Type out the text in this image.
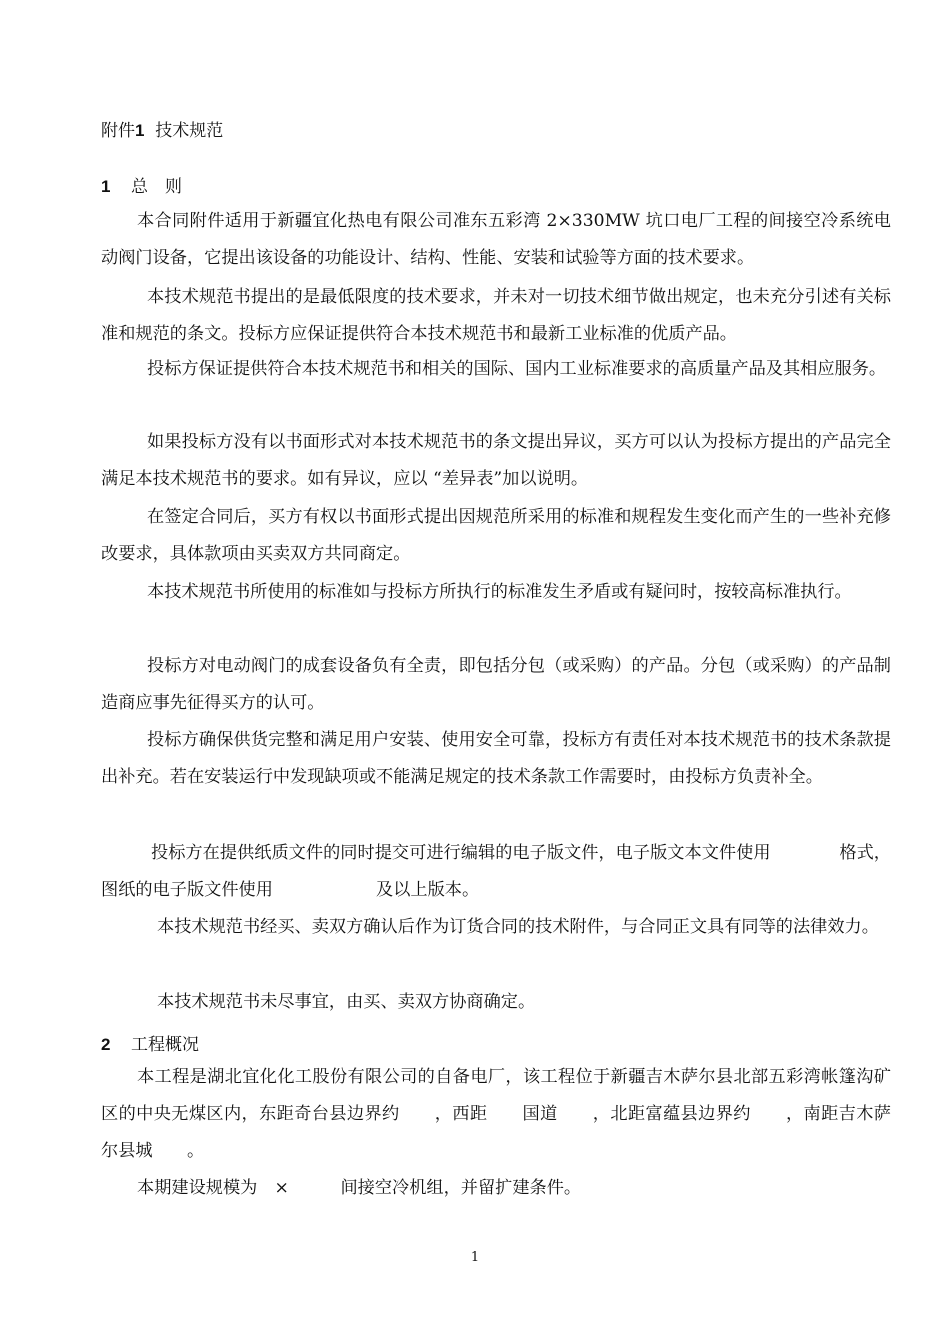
附件1 技术规范
1 总　则
本合同附件适用于新疆宜化热电有限公司准东五彩湾 2×330MW 坑口电厂工程的间接空冷系统电动阀门设备，它提出该设备的功能设计、结构、性能、安装和试验等方面的技术要求。
本技术规范书提出的是最低限度的技术要求，并未对一切技术细节做出规定，也未充分引述有关标准和规范的条文。投标方应保证提供符合本技术规范书和最新工业标准的优质产品。
投标方保证提供符合本技术规范书和相关的国际、国内工业标准要求的高质量产品及其相应服务。
如果投标方没有以书面形式对本技术规范书的条文提出异议，买方可以认为投标方提出的产品完全满足本技术规范书的要求。如有异议，应以 “差异表”加以说明。
在签定合同后，买方有权以书面形式提出因规范所采用的标准和规程发生变化而产生的一些补充修改要求，具体款项由买卖双方共同商定。
本技术规范书所使用的标准如与投标方所执行的标准发生矛盾或有疑问时，按较高标准执行。
投标方对电动阀门的成套设备负有全责，即包括分包（或采购）的产品。分包（或采购）的产品制造商应事先征得买方的认可。
投标方确保供货完整和满足用户安装、使用安全可靠，投标方有责任对本技术规范书的技术条款提出补充。若在安装运行中发现缺项或不能满足规定的技术条款工作需要时，由投标方负责补全。
投标方在提供纸质文件的同时提交可进行编辑的电子版文件，电子版文本文件使用　　　　格式，图纸的电子版文件使用　　　　　　及以上版本。
本技术规范书经买、卖双方确认后作为订货合同的技术附件，与合同正文具有同等的法律效力。
本技术规范书未尽事宜，由买、卖双方协商确定。
2 工程概况
本工程是湖北宜化化工股份有限公司的自备电厂，该工程位于新疆吉木萨尔县北部五彩湾帐篷沟矿区的中央无煤区内，东距奇台县边界约　　，西距　　国道　　，北距富蕴县边界约　　，南距吉木萨尔县城　　。
本期建设规模为　×　　　间接空冷机组，并留扩建条件。
1
